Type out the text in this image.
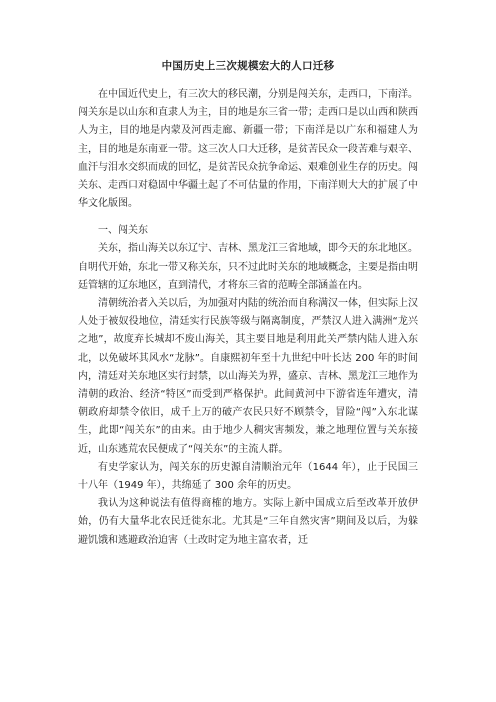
中国历史上三次规模宏大的人口迁移

在中国近代史上，有三次大的移民潮，分别是闯关东，走西口，下南洋。闯关东是以山东和直隶人为主，目的地是东三省一带；走西口是以山西和陕西人为主，目的地是内蒙及河西走廊、新疆一带；下南洋是以广东和福建人为主，目的地是东南亚一带。这三次人口大迁移，是贫苦民众一段苦难与艰辛、血汗与泪水交织而成的回忆，是贫苦民众抗争命运、艰难创业生存的历史。闯关东、走西口对稳固中华疆土起了不可估量的作用，下南洋则大大的扩展了中华文化版图。

一、闯关东

关东，指山海关以东辽宁、吉林、黑龙江三省地域，即今天的东北地区。自明代开始，东北一带又称关东，只不过此时关东的地域概念，主要是指由明廷管辖的辽东地区，直到清代，才将东三省的范畴全部涵盖在内。

清朝统治者入关以后，为加强对内陆的统治而自称满汉一体，但实际上汉人处于被奴役地位，清廷实行民族等级与隔离制度，严禁汉人进入满洲“龙兴之地”，故度弃长城却不废山海关，其主要目地是利用此关严禁内陆人进入东北，以免破坏其风水“龙脉”。自康熙初年至十九世纪中叶长达 200 年的时间内，清廷对关东地区实行封禁，以山海关为界，盛京、吉林、黑龙江三地作为清朝的政治、经济“特区”而受到严格保护。此间黄河中下游省连年遭灾，清朝政府却禁令依旧，成千上万的破产农民只好不顾禁令，冒险“闯”入东北谋生，此即“闯关东”的由来。由于地少人稠灾害频发，兼之地理位置与关东接近，山东逃荒农民便成了“闯关东”的主流人群。

有史学家认为，闯关东的历史源自清顺治元年（1644 年），止于民国三十八年（1949 年），共绵延了 300 余年的历史。

我认为这种说法有值得商榷的地方。实际上新中国成立后至改革开放伊始，仍有大量华北农民迁徙东北。尤其是“三年自然灾害”期间及以后，为躲避饥饿和逃避政治迫害（土改时定为地主富农者，迁
